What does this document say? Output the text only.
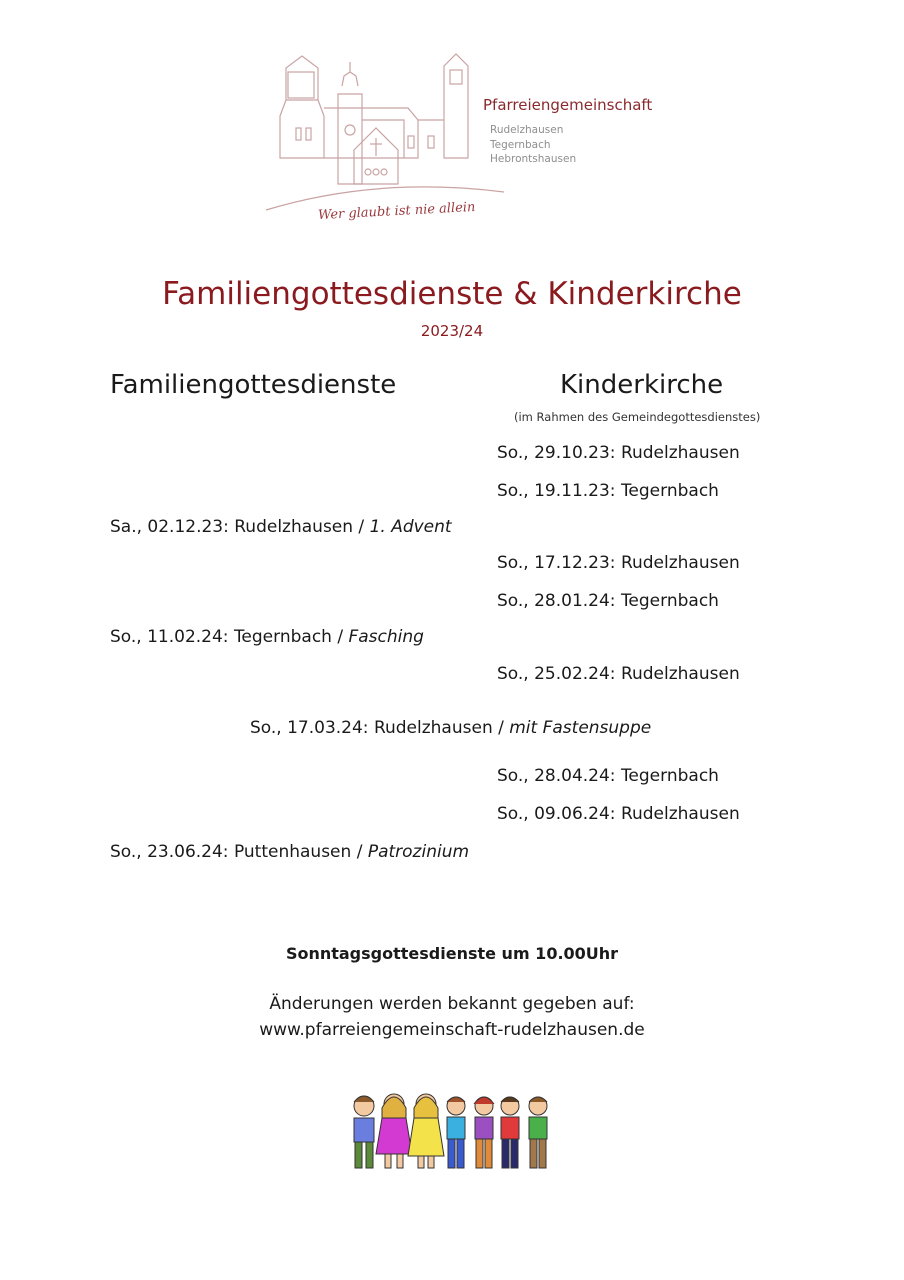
Pfarreiengemeinschaft
Rudelzhausen
Tegernbach
Hebrontshausen
Wer glaubt ist nie allein
Familiengottesdienste & Kinderkirche
2023/24
Familiengottesdienste	Kinderkirche
(im Rahmen des Gemeindegottesdienstes)
So., 29.10.23: Rudelzhausen
So., 19.11.23: Tegernbach
Sa., 02.12.23: Rudelzhausen / 1. Advent
So., 17.12.23: Rudelzhausen
So., 28.01.24: Tegernbach
So., 11.02.24: Tegernbach / Fasching
So., 25.02.24: Rudelzhausen
So., 17.03.24: Rudelzhausen / mit Fastensuppe
So., 28.04.24: Tegernbach
So., 09.06.24: Rudelzhausen
So., 23.06.24: Puttenhausen / Patrozinium
Sonntagsgottesdienste um 10.00Uhr
Änderungen werden bekannt gegeben auf:
www.pfarreiengemeinschaft-rudelzhausen.de
